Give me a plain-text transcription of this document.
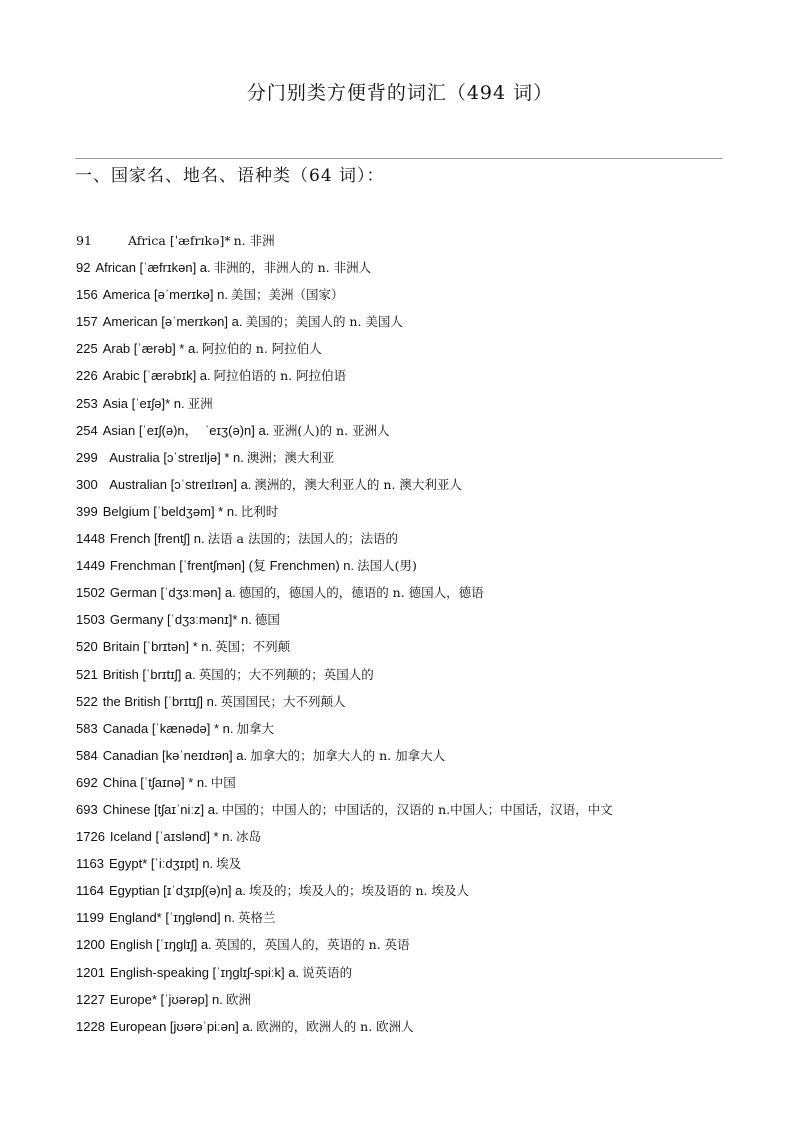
分门别类方便背的词汇（494 词）
一、国家名、地名、语种类（64 词）：
91	Africa [ˈæfrɪkə]* n. 非洲
92 African [ˈæfrɪkən] a. 非洲的，非洲人的 n. 非洲人
156 America [əˈmerɪkə] n. 美国；美洲（国家）
157 American [əˈmerɪkən] a. 美国的；美国人的 n. 美国人
225 Arab [ˈærəb] * a. 阿拉伯的 n. 阿拉伯人
226 Arabic [ˈærəbɪk] a. 阿拉伯语的 n. 阿拉伯语
253 Asia [ˈeɪʃə]* n. 亚洲
254 Asian [ˈeɪʃ(ə)n，  ˈeɪʒ(ə)n] a. 亚洲(人)的 n. 亚洲人
299  Australia [ɔˈstreɪljə] * n. 澳洲；澳大利亚
300  Australian [ɔˈstreɪlɪən] a. 澳洲的，澳大利亚人的 n. 澳大利亚人
399 Belgium [ˈbeldʒəm] * n. 比利时
1448 French [frentʃ] n. 法语 a 法国的；法国人的；法语的
1449 Frenchman [ˈfrentʃmən] (复 Frenchmen) n. 法国人(男)
1502 German [ˈdʒɜːmən] a. 德国的，德国人的，德语的 n. 德国人，德语
1503 Germany [ˈdʒɜːmənɪ]* n. 德国
520 Britain [ˈbrɪtən] * n. 英国；不列颠
521 British [ˈbrɪtɪʃ] a. 英国的；大不列颠的；英国人的
522 the British [ˈbrɪtɪʃ] n. 英国国民；大不列颠人
583 Canada [ˈkænədə] * n. 加拿大
584 Canadian [kəˈneɪdɪən] a. 加拿大的；加拿大人的 n. 加拿大人
692 China [ˈtʃaɪnə] * n. 中国
693 Chinese [tʃaɪˈniːz] a. 中国的；中国人的；中国话的，汉语的 n.中国人；中国话，汉语，中文
1726 Iceland [ˈaɪslənd] * n. 冰岛
1163 Egypt* [ˈiːdʒɪpt] n. 埃及
1164 Egyptian [ɪˈdʒɪpʃ(ə)n] a. 埃及的；埃及人的；埃及语的 n. 埃及人
1199 England* [ˈɪŋglənd] n. 英格兰
1200 English [ˈɪŋglɪʃ] a. 英国的，英国人的，英语的 n. 英语
1201 English-speaking [ˈɪŋglɪʃ-spiːk] a. 说英语的
1227 Europe* [ˈjʊərəp] n. 欧洲
1228 European [jʊərəˈpiːən] a. 欧洲的，欧洲人的 n. 欧洲人
